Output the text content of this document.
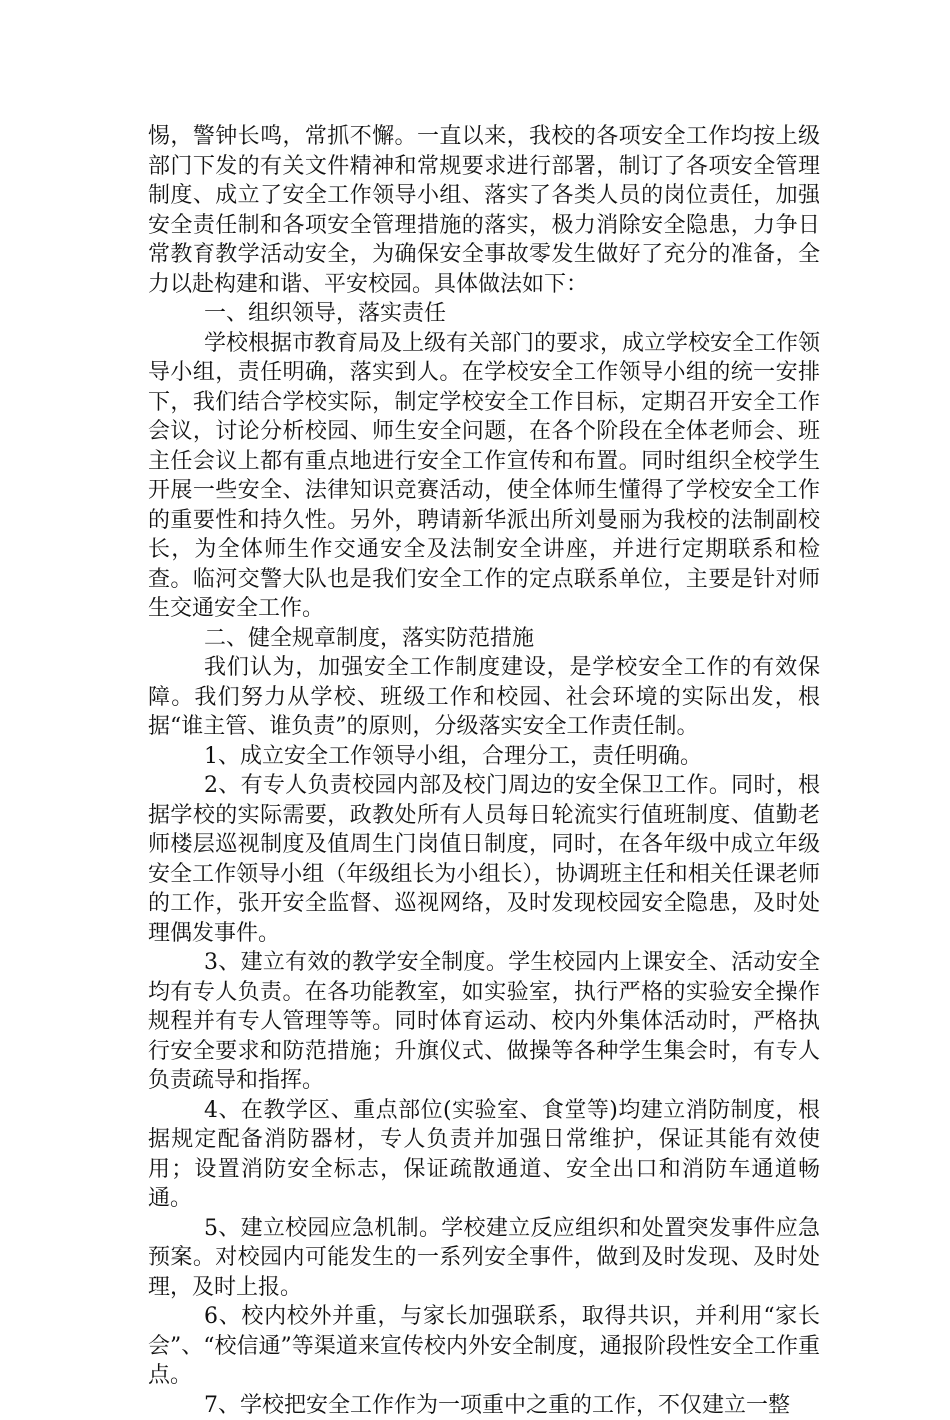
惕，警钟长鸣，常抓不懈。一直以来，我校的各项安全工作均按上级部门下发的有关文件精神和常规要求进行部署，制订了各项安全管理制度、成立了安全工作领导小组、落实了各类人员的岗位责任，加强安全责任制和各项安全管理措施的落实，极力消除安全隐患，力争日常教育教学活动安全，为确保安全事故零发生做好了充分的准备，全力以赴构建和谐、平安校园。具体做法如下：

一、组织领导，落实责任

学校根据市教育局及上级有关部门的要求，成立学校安全工作领导小组，责任明确，落实到人。在学校安全工作领导小组的统一安排下，我们结合学校实际，制定学校安全工作目标，定期召开安全工作会议，讨论分析校园、师生安全问题，在各个阶段在全体老师会、班主任会议上都有重点地进行安全工作宣传和布置。同时组织全校学生开展一些安全、法律知识竞赛活动，使全体师生懂得了学校安全工作的重要性和持久性。另外，聘请新华派出所刘曼丽为我校的法制副校长，为全体师生作交通安全及法制安全讲座，并进行定期联系和检查。临河交警大队也是我们安全工作的定点联系单位，主要是针对师生交通安全工作。

二、健全规章制度，落实防范措施

我们认为，加强安全工作制度建设，是学校安全工作的有效保障。我们努力从学校、班级工作和校园、社会环境的实际出发，根据“谁主管、谁负责”的原则，分级落实安全工作责任制。

1、成立安全工作领导小组，合理分工，责任明确。

2、有专人负责校园内部及校门周边的安全保卫工作。同时，根据学校的实际需要，政教处所有人员每日轮流实行值班制度、值勤老师楼层巡视制度及值周生门岗值日制度，同时，在各年级中成立年级安全工作领导小组（年级组长为小组长），协调班主任和相关任课老师的工作，张开安全监督、巡视网络，及时发现校园安全隐患，及时处理偶发事件。

3、建立有效的教学安全制度。学生校园内上课安全、活动安全均有专人负责。在各功能教室，如实验室，执行严格的实验安全操作规程并有专人管理等等。同时体育运动、校内外集体活动时，严格执行安全要求和防范措施；升旗仪式、做操等各种学生集会时，有专人负责疏导和指挥。

4、在教学区、重点部位(实验室、食堂等)均建立消防制度，根据规定配备消防器材，专人负责并加强日常维护，保证其能有效使用；设置消防安全标志，保证疏散通道、安全出口和消防车通道畅通。

5、建立校园应急机制。学校建立反应组织和处置突发事件应急预案。对校园内可能发生的一系列安全事件，做到及时发现、及时处理，及时上报。

6、校内校外并重，与家长加强联系，取得共识，并利用“家长会”、“校信通”等渠道来宣传校内外安全制度，通报阶段性安全工作重点。

7、学校把安全工作作为一项重中之重的工作，不仅建立一整
